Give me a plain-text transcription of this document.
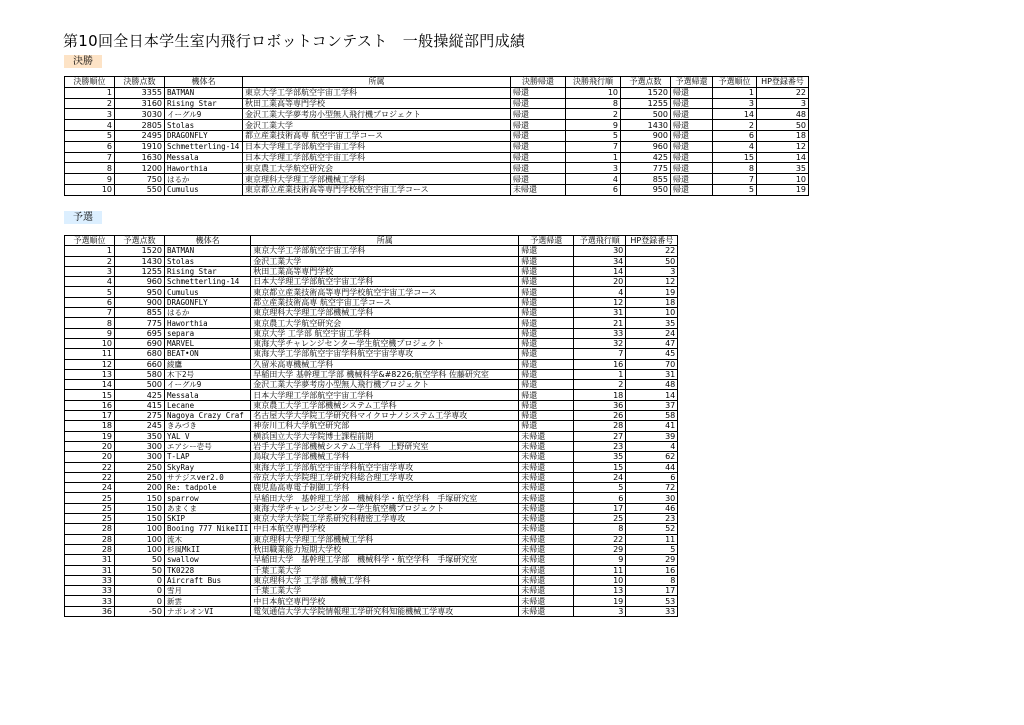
第10回全日本学生室内飛行ロボットコンテスト　一般操縦部門成績
決勝
決勝順位	決勝点数	機体名	所属	決勝帰還	決勝飛行順	予選点数	予選帰還	予選順位	HP登録番号
1	3355	BATMAN	東京大学工学部航空宇宙工学科	帰還	10	1520	帰還	1	22
2	3160	Rising Star	秋田工業高等専門学校	帰還	8	1255	帰還	3	3
3	3030	イーグル9	金沢工業大学夢考房小型無人飛行機プロジェクト	帰還	2	500	帰還	14	48
4	2805	Stolas	金沢工業大学	帰還	9	1430	帰還	2	50
5	2495	DRAGONFLY	都立産業技術高専 航空宇宙工学コース	帰還	5	900	帰還	6	18
6	1910	Schmetterling-14	日本大学理工学部航空宇宙工学科	帰還	7	960	帰還	4	12
7	1630	Messala	日本大学理工学部航空宇宙工学科	帰還	1	425	帰還	15	14
8	1200	Haworthia	東京農工大学航空研究会	帰還	3	775	帰還	8	35
9	750	はるか	東京理科大学理工学部機械工学科	帰還	4	855	帰還	7	10
10	550	Cumulus	東京都立産業技術高等専門学校航空宇宙工学コース	未帰還	6	950	帰還	5	19
予選
予選順位	予選点数	機体名	所属	予選帰還	予選飛行順	HP登録番号
1	1520	BATMAN	東京大学工学部航空宇宙工学科	帰還	30	22
2	1430	Stolas	金沢工業大学	帰還	34	50
3	1255	Rising Star	秋田工業高等専門学校	帰還	14	3
4	960	Schmetterling-14	日本大学理工学部航空宇宙工学科	帰還	20	12
5	950	Cumulus	東京都立産業技術高等専門学校航空宇宙工学コース	帰還	4	19
6	900	DRAGONFLY	都立産業技術高専 航空宇宙工学コース	帰還	12	18
7	855	はるか	東京理科大学理工学部機械工学科	帰還	31	10
8	775	Haworthia	東京農工大学航空研究会	帰還	21	35
9	695	separa	東京大学 工学部 航空宇宙工学科	帰還	33	24
10	690	MARVEL	東海大学チャレンジセンター学生航空機プロジェクト	帰還	32	47
11	680	BEAT•ON	東海大学工学部航空宇宙学科航空宇宙学専攻	帰還	7	45
12	660	綾鷹	久留米高専機械工学科	帰還	16	70
13	580	木下2号	早稲田大学 基幹理工学部 機械科学&#8226;航空学科 佐藤研究室	帰還	1	31
14	500	イーグル9	金沢工業大学夢考房小型無人飛行機プロジェクト	帰還	2	48
15	425	Messala	日本大学理工学部航空宇宙工学科	帰還	18	14
16	415	Lecane	東京農工大学工学部機械システム工学科	帰還	36	37
17	275	Nagoya Crazy Craf	名古屋大学大学院工学研究科マイクロナノシステム工学専攻	帰還	26	58
18	245	きみづき	神奈川工科大学航空研究部	帰還	28	41
19	350	YAL V	横浜国立大学大学院博士課程前期	未帰還	27	39
20	300	エアシー壱号	岩手大学工学部機械システム工学科　上野研究室	未帰還	23	4
20	300	T-LAP	鳥取大学工学部機械工学科	未帰還	35	62
22	250	SkyRay	東海大学工学部航空宇宙学科航空宇宙学専攻	未帰還	15	44
22	250	サテジスver2.0	帝京大学大学院理工学研究科総合理工学専攻	未帰還	24	6
24	200	Re: tadpole	鹿児島高専電子制御工学科	未帰還	5	72
25	150	sparrow	早稲田大学　基幹理工学部　機械科学・航空学科　手塚研究室	未帰還	6	30
25	150	あまくま	東海大学チャレンジセンター学生航空機プロジェクト	未帰還	17	46
25	150	SKIP	東京大学大学院工学系研究科精密工学専攻	未帰還	25	23
28	100	Booing 777 NikeIII	中日本航空専門学校	未帰還	8	52
28	100	流木	東京理科大学理工学部機械工学科	未帰還	22	11
28	100	杉風MkII	秋田職業能力短期大学校	未帰還	29	5
31	50	swallow	早稲田大学　基幹理工学部　機械科学・航空学科　手塚研究室	未帰還	9	29
31	50	TK0228	千葉工業大学	未帰還	11	16
33	0	Aircraft Bus	東京理科大学 工学部 機械工学科	未帰還	10	8
33	0	雪月	千葉工業大学	未帰還	13	17
33	0	新雲	中日本航空専門学校	未帰還	19	53
36	-50	ナポレオンVI	電気通信大学大学院情報理工学研究科知能機械工学専攻	未帰還	3	33
